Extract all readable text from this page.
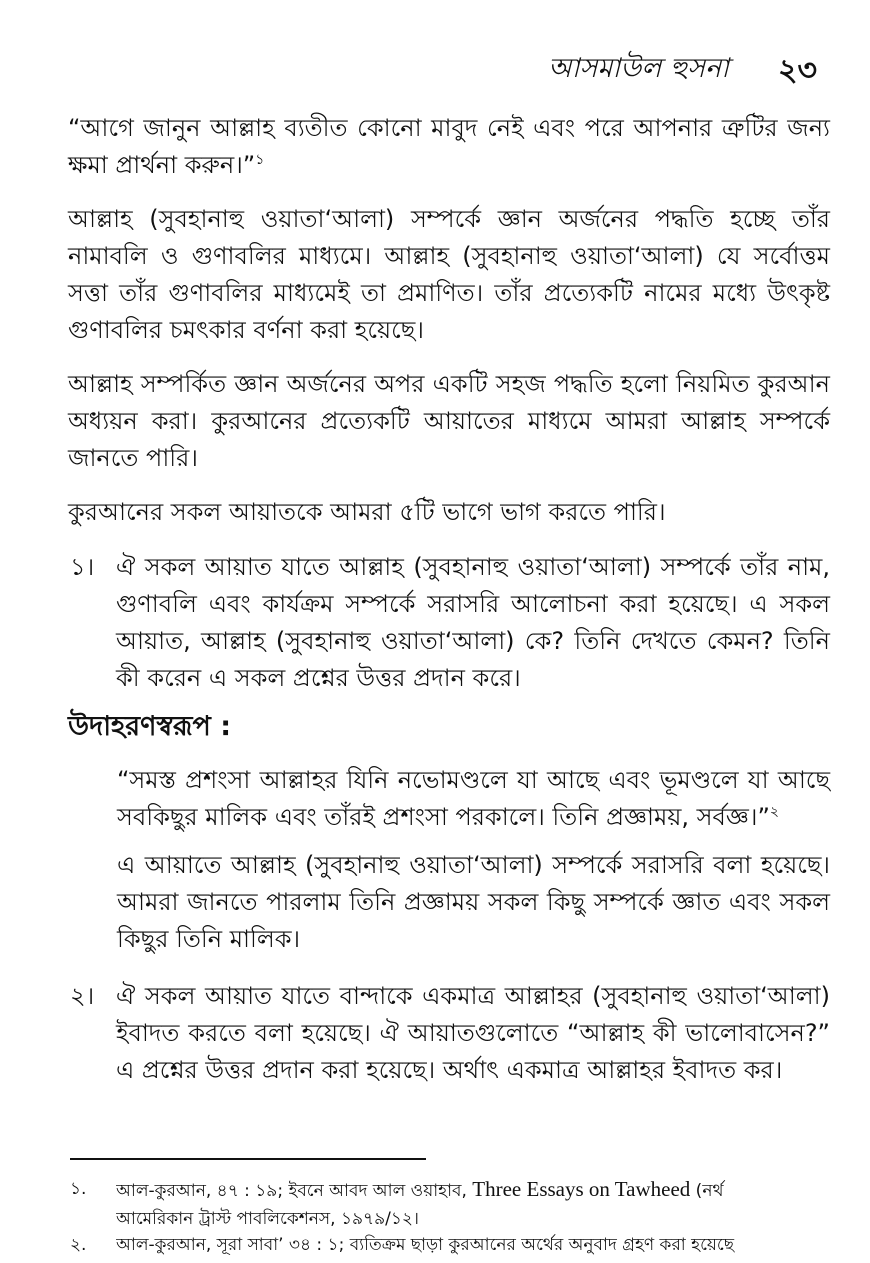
আসমাউল হুসনা ২৩
“আগে জানুন আল্লাহ ব্যতীত কোনো মাবুদ নেই এবং পরে আপনার ত্রুটির জন্য ক্ষমা প্রার্থনা করুন।”$^১$
আল্লাহ (সুবহানাহু ওয়াতা‘আলা) সম্পর্কে জ্ঞান অর্জনের পদ্ধতি হচ্ছে তাঁর নামাবলি ও গুণাবলির মাধ্যমে। আল্লাহ (সুবহানাহু ওয়াতা‘আলা) যে সর্বোত্তম সত্তা তাঁর গুণাবলির মাধ্যমেই তা প্রমাণিত। তাঁর প্রত্যেকটি নামের মধ্যে উৎকৃষ্ট গুণাবলির চমৎকার বর্ণনা করা হয়েছে।
আল্লাহ সম্পর্কিত জ্ঞান অর্জনের অপর একটি সহজ পদ্ধতি হলো নিয়মিত কুরআন অধ্যয়ন করা। কুরআনের প্রত্যেকটি আয়াতের মাধ্যমে আমরা আল্লাহ সম্পর্কে জানতে পারি।
কুরআনের সকল আয়াতকে আমরা ৫টি ভাগে ভাগ করতে পারি।
১। ঐ সকল আয়াত যাতে আল্লাহ (সুবহানাহু ওয়াতা‘আলা) সম্পর্কে তাঁর নাম, গুণাবলি এবং কার্যক্রম সম্পর্কে সরাসরি আলোচনা করা হয়েছে। এ সকল আয়াত, আল্লাহ (সুবহানাহু ওয়াতা‘আলা) কে? তিনি দেখতে কেমন? তিনি কী করেন এ সকল প্রশ্নের উত্তর প্রদান করে।
উদাহরণস্বরূপ :
“সমস্ত প্রশংসা আল্লাহর যিনি নভোমণ্ডলে যা আছে এবং ভূমণ্ডলে যা আছে সবকিছুর মালিক এবং তাঁরই প্রশংসা পরকালে। তিনি প্রজ্ঞাময়, সর্বজ্ঞ।”$^২$
এ আয়াতে আল্লাহ (সুবহানাহু ওয়াতা‘আলা) সম্পর্কে সরাসরি বলা হয়েছে। আমরা জানতে পারলাম তিনি প্রজ্ঞাময় সকল কিছু সম্পর্কে জ্ঞাত এবং সকল কিছুর তিনি মালিক।
২। ঐ সকল আয়াত যাতে বান্দাকে একমাত্র আল্লাহর (সুবহানাহু ওয়াতা‘আলা) ইবাদত করতে বলা হয়েছে। ঐ আয়াতগুলোতে “আল্লাহ কী ভালোবাসেন?” এ প্রশ্নের উত্তর প্রদান করা হয়েছে। অর্থাৎ একমাত্র আল্লাহর ইবাদত কর।
১.	আল-কুরআন, ৪৭ : ১৯; ইবনে আবদ আল ওয়াহাব, Three Essays on Tawheed (নর্থ
আমেরিকান ট্রাস্ট পাবলিকেশনস, ১৯৭৯/১২।
২.	আল-কুরআন, সূরা সাবা’ ৩৪ : ১; ব্যতিক্রম ছাড়া কুরআনের অর্থের অনুবাদ গ্রহণ করা হয়েছে
